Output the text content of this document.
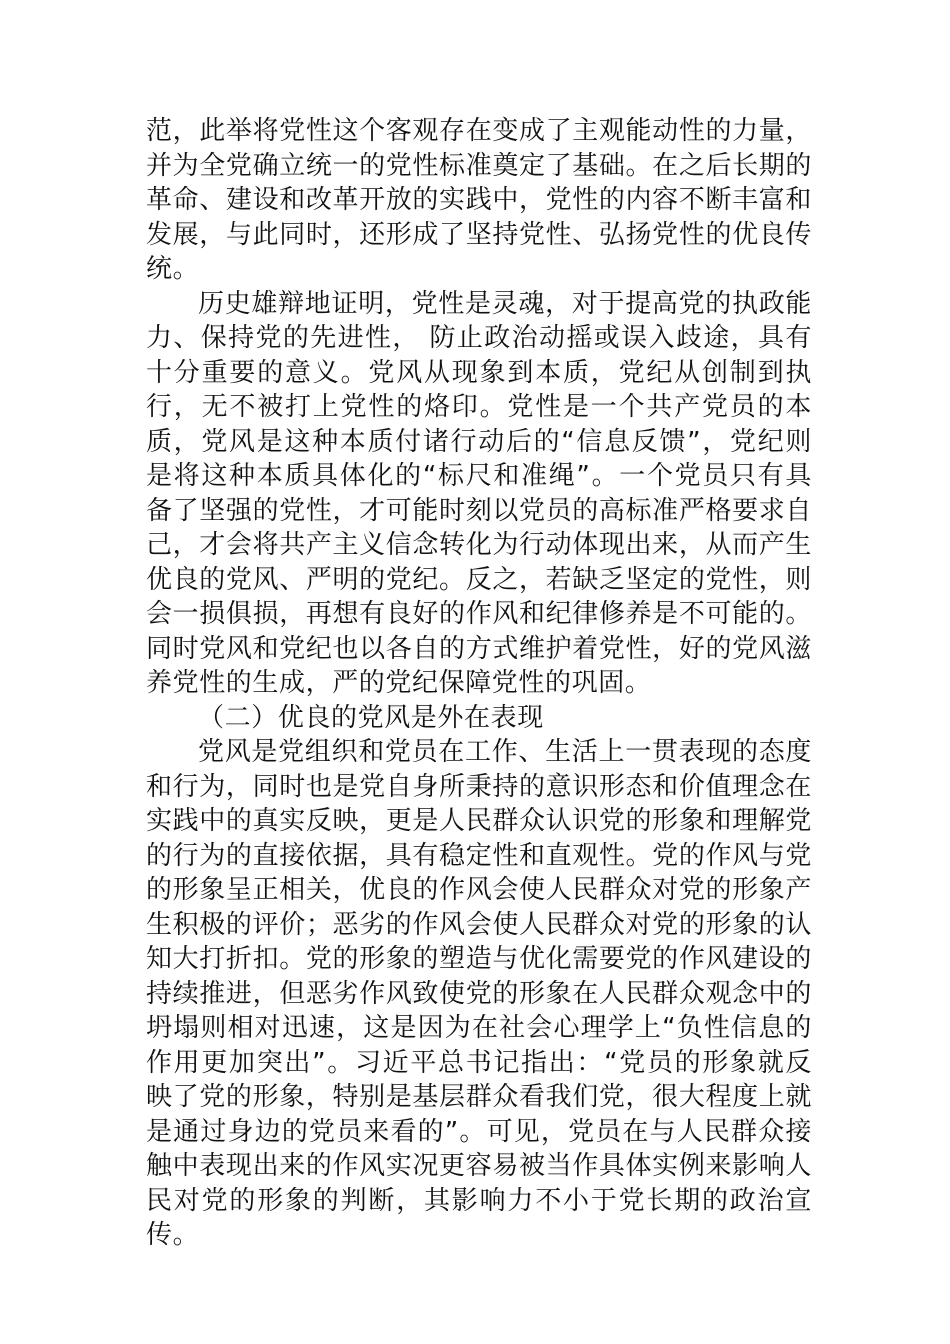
范，此举将党性这个客观存在变成了主观能动性的力量，并为全党确立统一的党性标准奠定了基础。在之后长期的革命、建设和改革开放的实践中，党性的内容不断丰富和发展，与此同时，还形成了坚持党性、弘扬党性的优良传统。

历史雄辩地证明，党性是灵魂，对于提高党的执政能力、保持党的先进性， 防止政治动摇或误入歧途，具有十分重要的意义。党风从现象到本质，党纪从创制到执行，无不被打上党性的烙印。党性是一个共产党员的本质，党风是这种本质付诸行动后的“信息反馈”，党纪则是将这种本质具体化的“标尺和准绳”。一个党员只有具备了坚强的党性，才可能时刻以党员的高标准严格要求自己，才会将共产主义信念转化为行动体现出来，从而产生优良的党风、严明的党纪。反之，若缺乏坚定的党性，则会一损俱损，再想有良好的作风和纪律修养是不可能的。同时党风和党纪也以各自的方式维护着党性，好的党风滋养党性的生成，严的党纪保障党性的巩固。

（二）优良的党风是外在表现

党风是党组织和党员在工作、生活上一贯表现的态度和行为，同时也是党自身所秉持的意识形态和价值理念在实践中的真实反映，更是人民群众认识党的形象和理解党的行为的直接依据，具有稳定性和直观性。党的作风与党的形象呈正相关，优良的作风会使人民群众对党的形象产生积极的评价；恶劣的作风会使人民群众对党的形象的认知大打折扣。党的形象的塑造与优化需要党的作风建设的持续推进，但恶劣作风致使党的形象在人民群众观念中的坍塌则相对迅速，这是因为在社会心理学上“负性信息的作用更加突出”。习近平总书记指出：“党员的形象就反映了党的形象，特别是基层群众看我们党，很大程度上就是通过身边的党员来看的”。可见，党员在与人民群众接触中表现出来的作风实况更容易被当作具体实例来影响人民对党的形象的判断，其影响力不小于党长期的政治宣传。
